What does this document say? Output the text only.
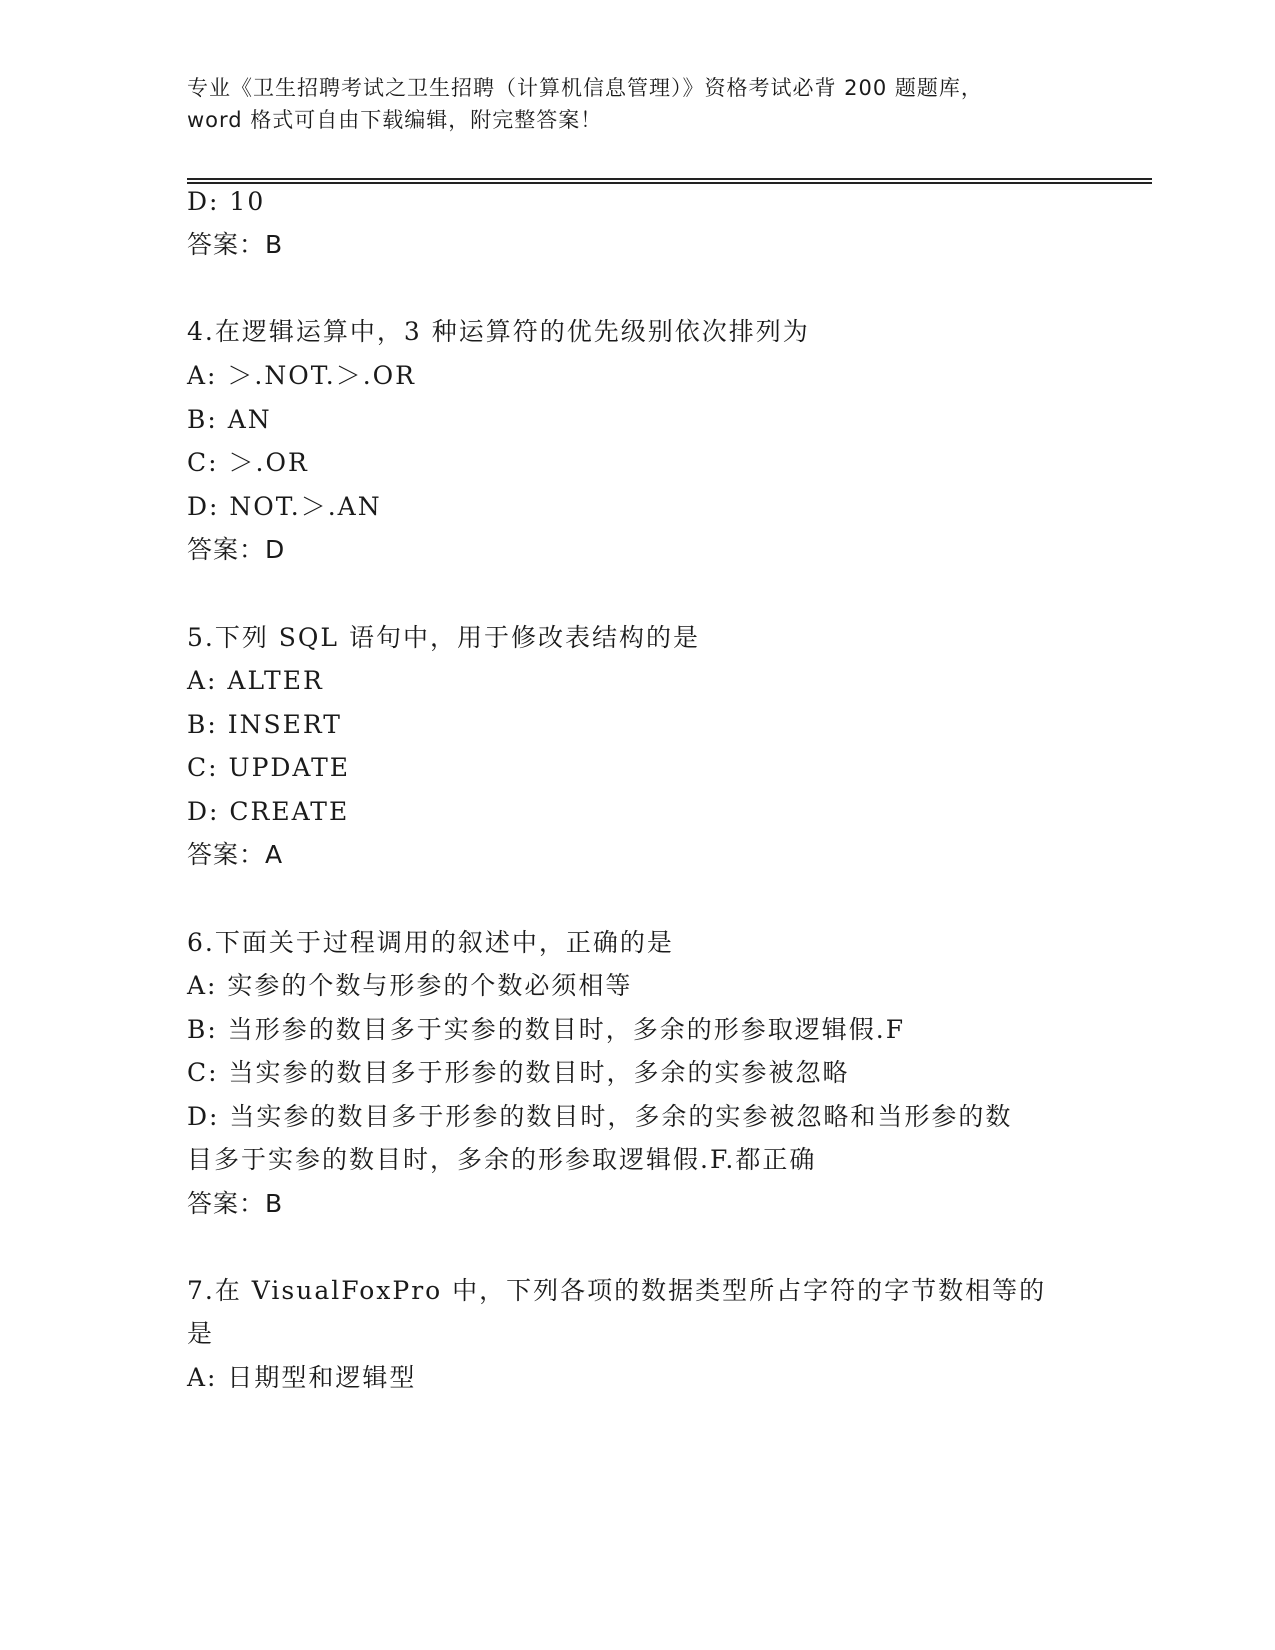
专业《卫生招聘考试之卫生招聘（计算机信息管理）》资格考试必背 200 题题库，
word 格式可自由下载编辑，附完整答案！
D: 10
答案：B
4.在逻辑运算中，3 种运算符的优先级别依次排列为
A: ＞.NOT.＞.OR
B: AN
C: ＞.OR
D: NOT.＞.AN
答案：D
5.下列 SQL 语句中，用于修改表结构的是
A: ALTER
B: INSERT
C: UPDATE
D: CREATE
答案：A
6.下面关于过程调用的叙述中，正确的是
A: 实参的个数与形参的个数必须相等
B: 当形参的数目多于实参的数目时，多余的形参取逻辑假.F
C: 当实参的数目多于形参的数目时，多余的实参被忽略
D: 当实参的数目多于形参的数目时，多余的实参被忽略和当形参的数
目多于实参的数目时，多余的形参取逻辑假.F.都正确
答案：B
7.在 VisualFoxPro 中，下列各项的数据类型所占字符的字节数相等的
是
A: 日期型和逻辑型
